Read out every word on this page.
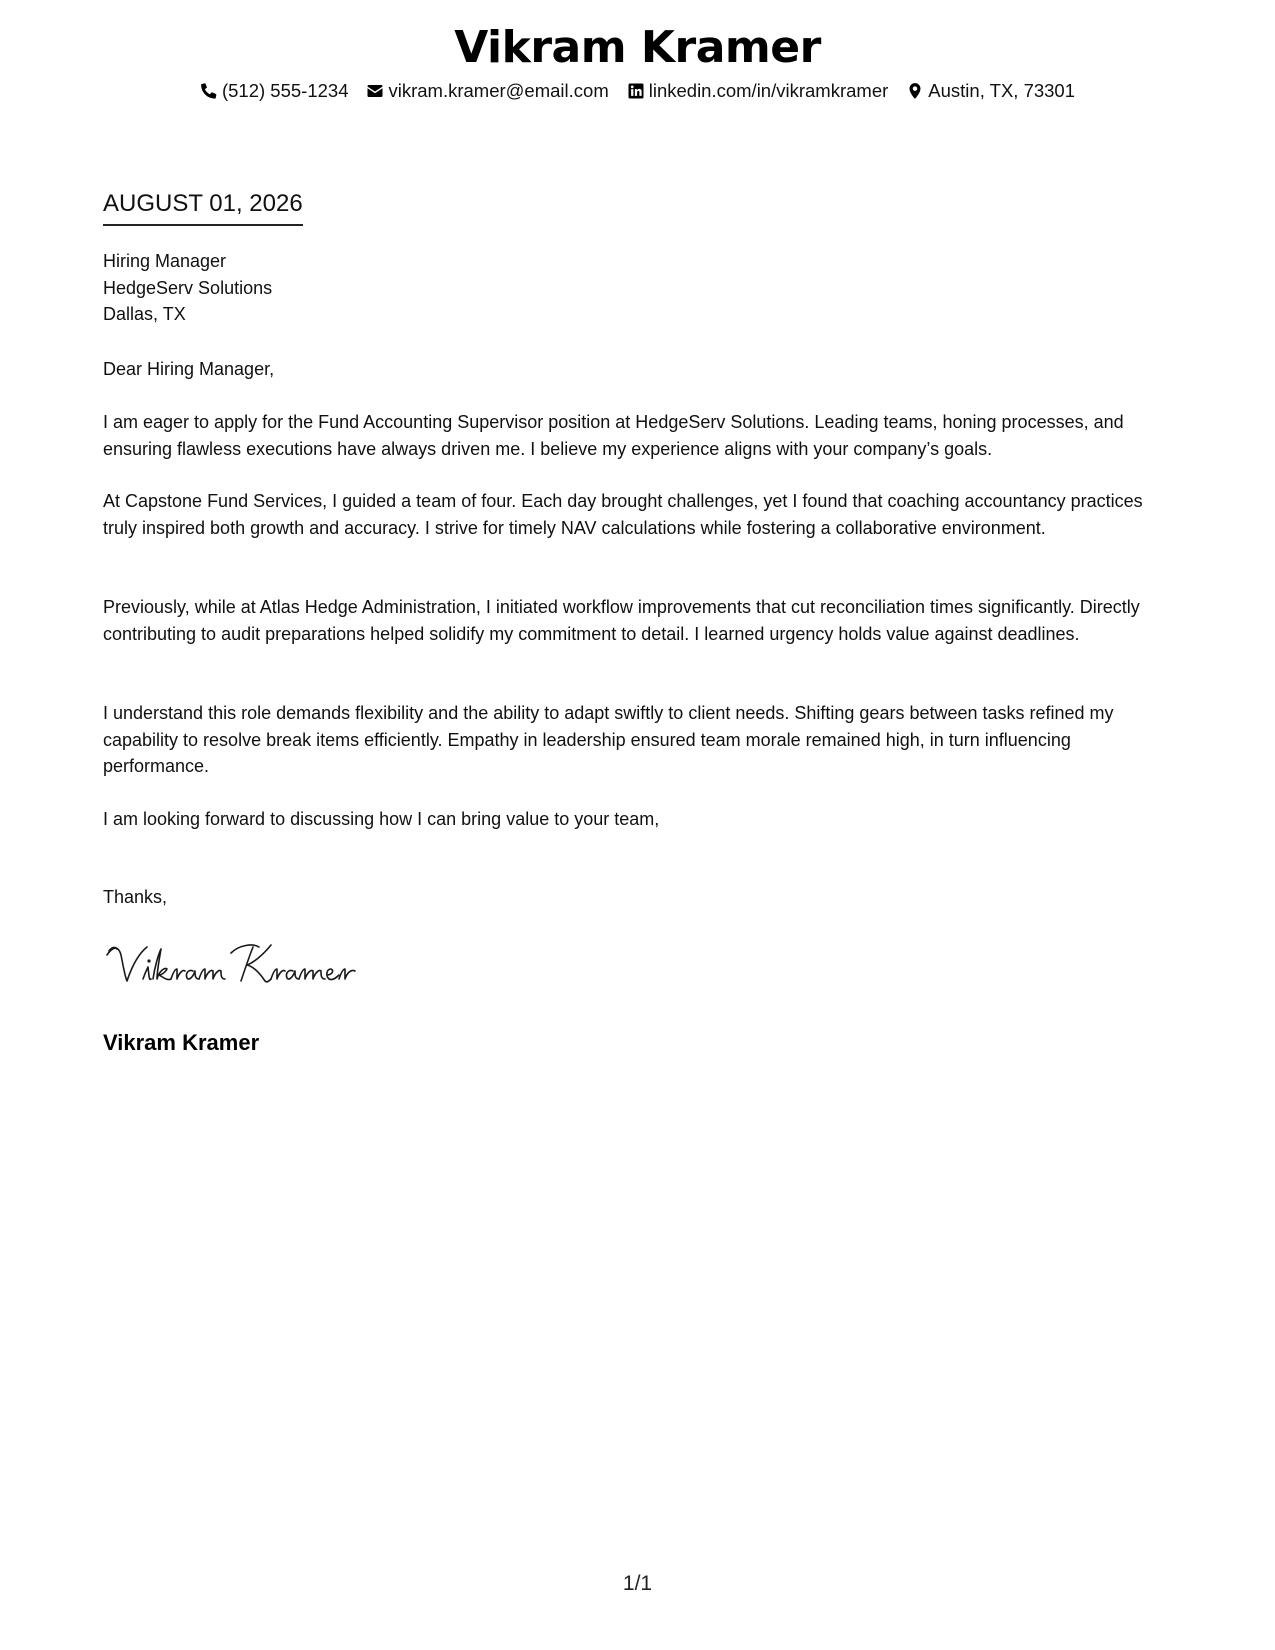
Vikram Kramer
(512) 555-1234 vikram.kramer@email.com linkedin.com/in/vikramkramer Austin, TX, 73301
AUGUST 01, 2026
Hiring Manager
HedgeServ Solutions
Dallas, TX
Dear Hiring Manager,

I am eager to apply for the Fund Accounting Supervisor position at HedgeServ Solutions. Leading teams, honing processes, and ensuring flawless executions have always driven me. I believe my experience aligns with your company’s goals.

At Capstone Fund Services, I guided a team of four. Each day brought challenges, yet I found that coaching accountancy practices truly inspired both growth and accuracy. I strive for timely NAV calculations while fostering a collaborative environment.

Previously, while at Atlas Hedge Administration, I initiated workflow improvements that cut reconciliation times significantly. Directly contributing to audit preparations helped solidify my commitment to detail. I learned urgency holds value against deadlines.

I understand this role demands flexibility and the ability to adapt swiftly to client needs. Shifting gears between tasks refined my capability to resolve break items efficiently. Empathy in leadership ensured team morale remained high, in turn influencing performance.

I am looking forward to discussing how I can bring value to your team,
Thanks,
Vikram Kramer
1/1
